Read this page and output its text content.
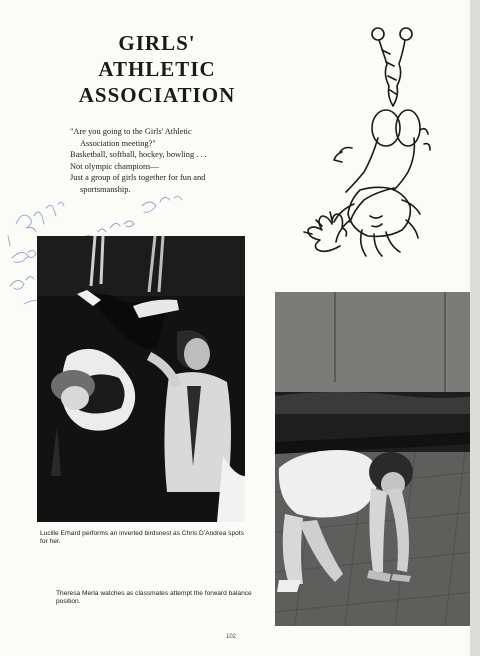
GIRLS'
ATHLETIC
ASSOCIATION
"Are you going to the Girls' Athletic
Association meeting?"
Basketball, softball, hockey, bowling . . .
Not olympic champions—
Just a group of girls together for fun and
sportsmanship.
Lucille Erhard performs an inverted birdsnest as Chris D'Andrea spots for her.
Theresa Merla watches as classmates attempt the forward balance position.
102
